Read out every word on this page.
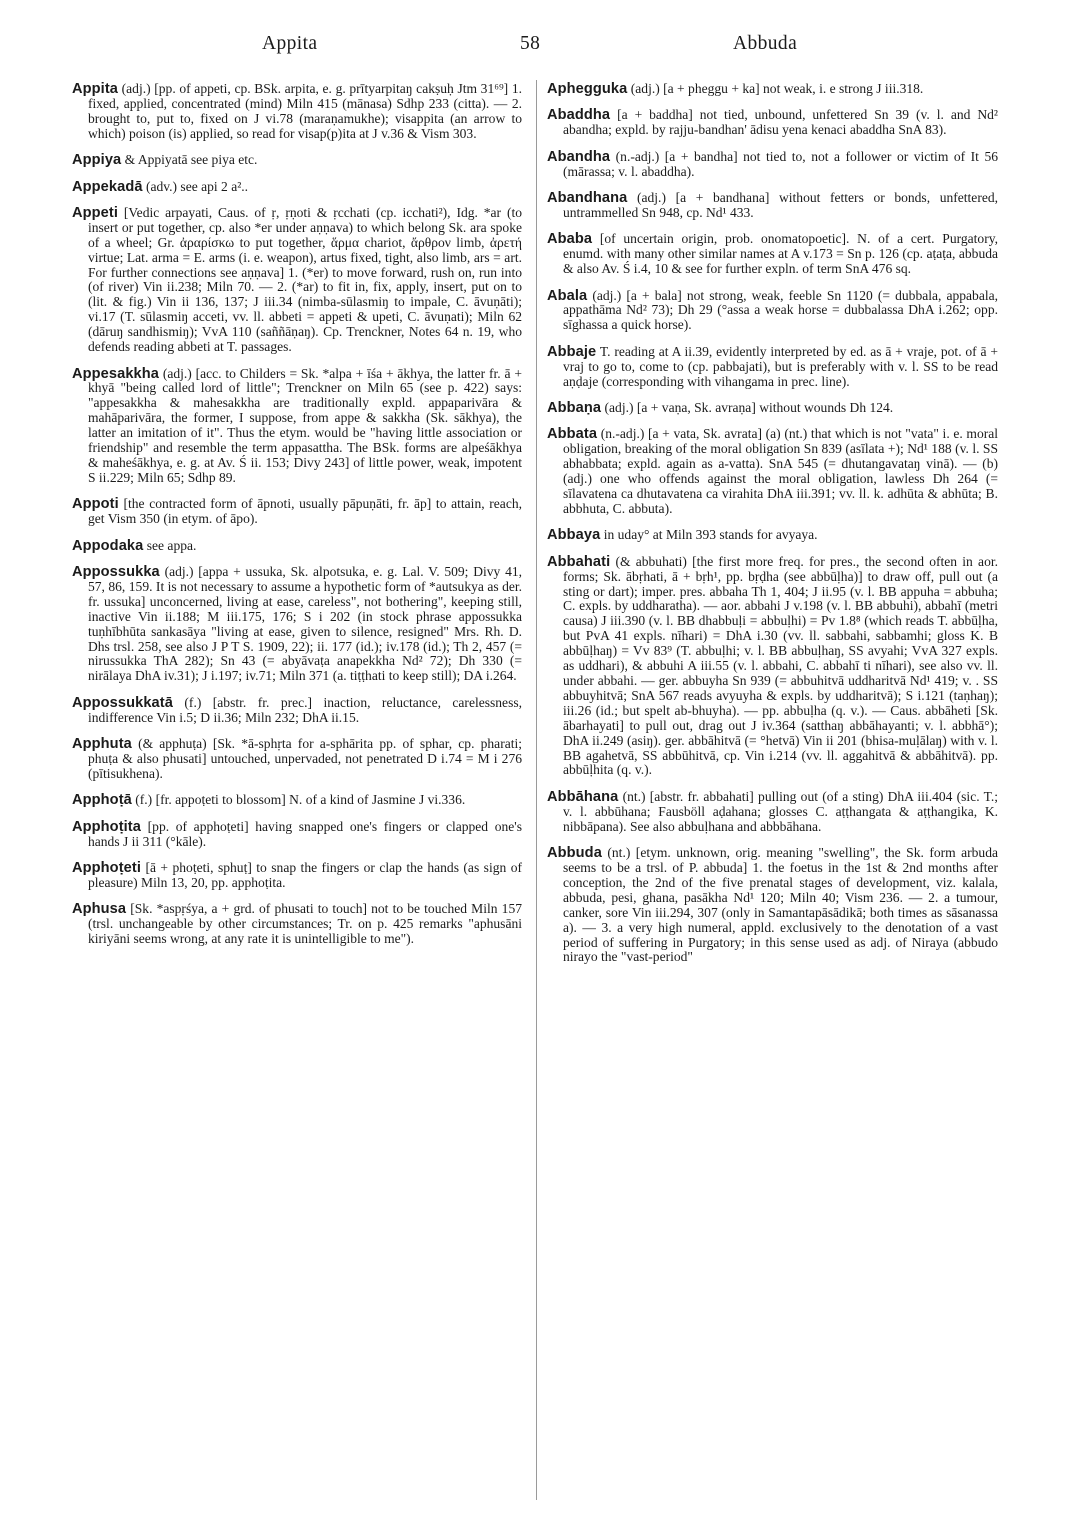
Appita	58	Abbuda

Appita (adj.) [pp. of appeti, cp. BSk. arpita, e. g. prītyarpitaŋ cakṣuḥ Jtm 31⁶⁹] 1. fixed, applied, concentrated (mind) Miln 415 (mānasa) Sdhp 233 (citta). — 2. brought to, put to, fixed on J vi.78 (maraṇamukhe); visappita (an arrow to which) poison (is) applied, so read for visap(p)ita at J v.36 & Vism 303.

Appiya & Appiyatā see piya etc.

Appekadā (adv.) see api 2 a²..

Appeti [Vedic arpayati, Caus. of ṛ, ṛṇoti & ṛcchati (cp. icchati²), Idg. *ar (to insert or put together, cp. also *er under aṇṇava) to which belong Sk. ara spoke of a wheel; Gr. ἀραρίσκω to put together, ἅρμα chariot, ἄρθρον limb, ἀρετή virtue; Lat. arma = E. arms (i. e. weapon), artus fixed, tight, also limb, ars = art. For further connections see aṇṇava] 1. (*er) to move forward, rush on, run into (of river) Vin ii.238; Miln 70. — 2. (*ar) to fit in, fix, apply, insert, put on to (lit. & fig.) Vin ii 136, 137; J iii.34 (nimba-sūlasmiŋ to impale, C. āvuṇāti); vi.17 (T. sūlasmiŋ acceti, vv. ll. abbeti = appeti & upeti, C. āvuṇati); Miln 62 (dāruŋ sandhismiŋ); VvA 110 (saññāṇaŋ). Cp. Trenckner, Notes 64 n. 19, who defends reading abbeti at T. passages.

Appesakkha (adj.) [acc. to Childers = Sk. *alpa + īśa + ākhya, the latter fr. ā + khyā "being called lord of little"; Trenckner on Miln 65 (see p. 422) says: "appesakkha & mahesakkha are traditionally expld. appaparivāra & mahāparivāra, the former, I suppose, from appe & sakkha (Sk. sākhya), the latter an imitation of it". Thus the etym. would be "having little association or friendship" and resemble the term appasattha. The BSk. forms are alpeśākhya & maheśākhya, e. g. at Av. Ś ii. 153; Divy 243] of little power, weak, impotent S ii.229; Miln 65; Sdhp 89.

Appoti [the contracted form of āpnoti, usually pāpuṇāti, fr. āp] to attain, reach, get Vism 350 (in etym. of āpo).

Appodaka see appa.

Appossukka (adj.) [appa + ussuka, Sk. alpotsuka, e. g. Lal. V. 509; Divy 41, 57, 86, 159. It is not necessary to assume a hypothetic form of *autsukya as der. fr. ussuka] unconcerned, living at ease, careless", not bothering", keeping still, inactive Vin ii.188; M iii.175, 176; S i 202 (in stock phrase appossukka tuṇhībhūta sankasāya "living at ease, given to silence, resigned" Mrs. Rh. D. Dhs trsl. 258, see also J P T S. 1909, 22); ii. 177 (id.); iv.178 (id.); Th 2, 457 (= nirussukka ThA 282); Sn 43 (= abyāvaṭa anapekkha Nd² 72); Dh 330 (= nirālaya DhA iv.31); J i.197; iv.71; Miln 371 (a. tiṭṭhati to keep still); DA i.264.

Appossukkatā (f.) [abstr. fr. prec.] inaction, reluctance, carelessness, indifference Vin i.5; D ii.36; Miln 232; DhA ii.15.

Apphuta (& apphuṭa) [Sk. *ā-sphṛta for a-sphārita pp. of sphar, cp. pharati; phuṭa & also phusati] untouched, unpervaded, not penetrated D i.74 = M i 276 (pītisukhena).

Apphoṭā (f.) [fr. appoṭeti to blossom] N. of a kind of Jasmine J vi.336.

Apphoṭita [pp. of apphoṭeti] having snapped one's fingers or clapped one's hands J ii 311 (°kāle).

Apphoṭeti [ā + phoṭeti, sphuṭ] to snap the fingers or clap the hands (as sign of pleasure) Miln 13, 20, pp. apphoṭita.

Aphusa [Sk. *aspṛśya, a + grd. of phusati to touch] not to be touched Miln 157 (trsl. unchangeable by other circumstances; Tr. on p. 425 remarks "aphusāni kiriyāni seems wrong, at any rate it is unintelligible to me").

Aphegguka (adj.) [a + pheggu + ka] not weak, i. e strong J iii.318.

Abaddha [a + baddha] not tied, unbound, unfettered Sn 39 (v. l. and Nd² abandha; expld. by rajju-bandhan' ādisu yena kenaci abaddha SnA 83).

Abandha (n.-adj.) [a + bandha] not tied to, not a follower or victim of It 56 (mārassa; v. l. abaddha).

Abandhana (adj.) [a + bandhana] without fetters or bonds, unfettered, untrammelled Sn 948, cp. Nd¹ 433.

Ababa [of uncertain origin, prob. onomatopoetic]. N. of a cert. Purgatory, enumd. with many other similar names at A v.173 = Sn p. 126 (cp. aṭaṭa, abbuda & also Av. Ś i.4, 10 & see for further expln. of term SnA 476 sq.

Abala (adj.) [a + bala] not strong, weak, feeble Sn 1120 (= dubbala, appabala, appathāma Nd² 73); Dh 29 (°assa a weak horse = dubbalassa DhA i.262; opp. sīghassa a quick horse).

Abbaje T. reading at A ii.39, evidently interpreted by ed. as ā + vraje, pot. of ā + vraj to go to, come to (cp. pabbajati), but is preferably with v. l. SS to be read aṇḍaje (corresponding with vihangama in prec. line).

Abbaṇa (adj.) [a + vaṇa, Sk. avraṇa] without wounds Dh 124.

Abbata (n.-adj.) [a + vata, Sk. avrata] (a) (nt.) that which is not "vata" i. e. moral obligation, breaking of the moral obligation Sn 839 (asīlata +); Nd¹ 188 (v. l. SS abhabbata; expld. again as a-vatta). SnA 545 (= dhutangavataŋ vinā). — (b) (adj.) one who offends against the moral obligation, lawless Dh 264 (= sīlavatena ca dhutavatena ca virahita DhA iii.391; vv. ll. k. adhūta & abhūta; B. abbhuta, C. abbuta).

Abbaya in uday° at Miln 393 stands for avyaya.

Abbahati (& abbuhati) [the first more freq. for pres., the second often in aor. forms; Sk. ābṛhati, ā + bṛh¹, pp. bṛḍha (see abbūḷha)] to draw off, pull out (a sting or dart); imper. pres. abbaha Th 1, 404; J ii.95 (v. l. BB appuha = abbuha; C. expls. by uddharatha). — aor. abbahi J v.198 (v. l. BB abbuhi), abbahī (metri causa) J iii.390 (v. l. BB dhabbuḷi = abbuḷhi) = Pv 1.8⁸ (which reads T. abbūḷha, but PvA 41 expls. nīhari) = DhA i.30 (vv. ll. sabbahi, sabbamhi; gloss K. B abbūḷhaŋ) = Vv 83⁹ (T. abbuḷhi; v. l. BB abbuḷhaŋ, SS avyahi; VvA 327 expls. as uddhari), & abbuhi A iii.55 (v. l. abbahi, C. abbahī ti nīhari), see also vv. ll. under abbahi. — ger. abbuyha Sn 939 (= abbuhitvā uddharitvā Nd¹ 419; v. . SS abbuyhitvā; SnA 567 reads avyuyha & expls. by uddharitvā); S i.121 (taṇhaŋ); iii.26 (id.; but spelt ab-bhuyha). — pp. abbuḷha (q. v.). — Caus. abbāheti [Sk. ābarhayati] to pull out, drag out J iv.364 (satthaŋ abbāhayanti; v. l. abbhā°); DhA ii.249 (asiŋ). ger. abbāhitvā (= °hetvā) Vin ii 201 (bhisa-muḷālaŋ) with v. l. BB agahetvā, SS abbūhitvā, cp. Vin i.214 (vv. ll. aggahitvā & abbāhitvā). pp. abbūḷhita (q. v.).

Abbāhana (nt.) [abstr. fr. abbahati] pulling out (of a sting) DhA iii.404 (sic. T.; v. l. abbūhana; Fausböll aḍahana; glosses C. aṭṭhangata & aṭṭhangika, K. nibbāpana). See also abbuḷhana and abbbāhana.

Abbuda (nt.) [etym. unknown, orig. meaning "swelling", the Sk. form arbuda seems to be a trsl. of P. abbuda] 1. the foetus in the 1st & 2nd months after conception, the 2nd of the five prenatal stages of development, viz. kalala, abbuda, pesi, ghana, pasākha Nd¹ 120; Miln 40; Vism 236. — 2. a tumour, canker, sore Vin iii.294, 307 (only in Samantapāsādikā; both times as sāsanassa a). — 3. a very high numeral, appld. exclusively to the denotation of a vast period of suffering in Purgatory; in this sense used as adj. of Niraya (abbudo nirayo the "vast-period"
